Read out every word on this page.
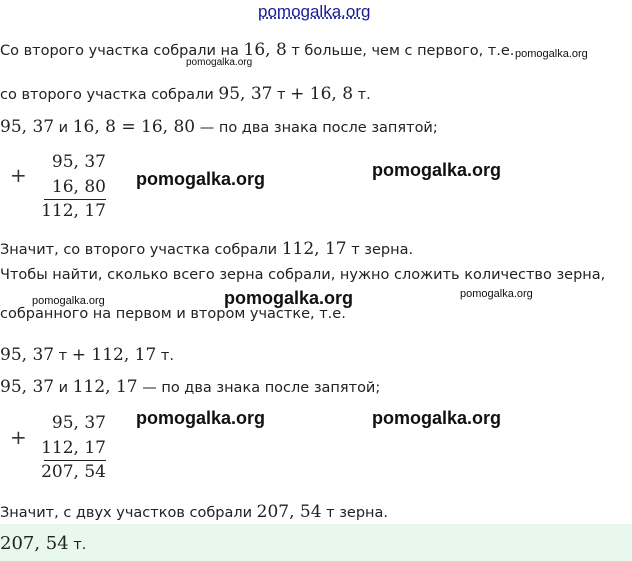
pomogalka.org
Со второго участка собрали на 16, 8 т больше, чем с первого, т.е. pomogalka.org
pomogalka.org
со второго участка собрали 95, 37 т + 16, 8 т.
95, 37 и 16, 8 = 16, 80 — по два знака после запятой;
+
95, 37
16, 80
112, 17
pomogalka.org	pomogalka.org
Значит, со второго участка собрали 112, 17 т зерна.
Чтобы найти, сколько всего зерна собрали, нужно сложить количество зерна,
pomogalka.org	pomogalka.org	pomogalka.org
собранного на первом и втором участке, т.е.
95, 37 т + 112, 17 т.
95, 37 и 112, 17 — по два знака после запятой;
+
95, 37
112, 17
207, 54
pomogalka.org	pomogalka.org
Значит, с двух участков собрали 207, 54 т зерна.
207, 54 т.
